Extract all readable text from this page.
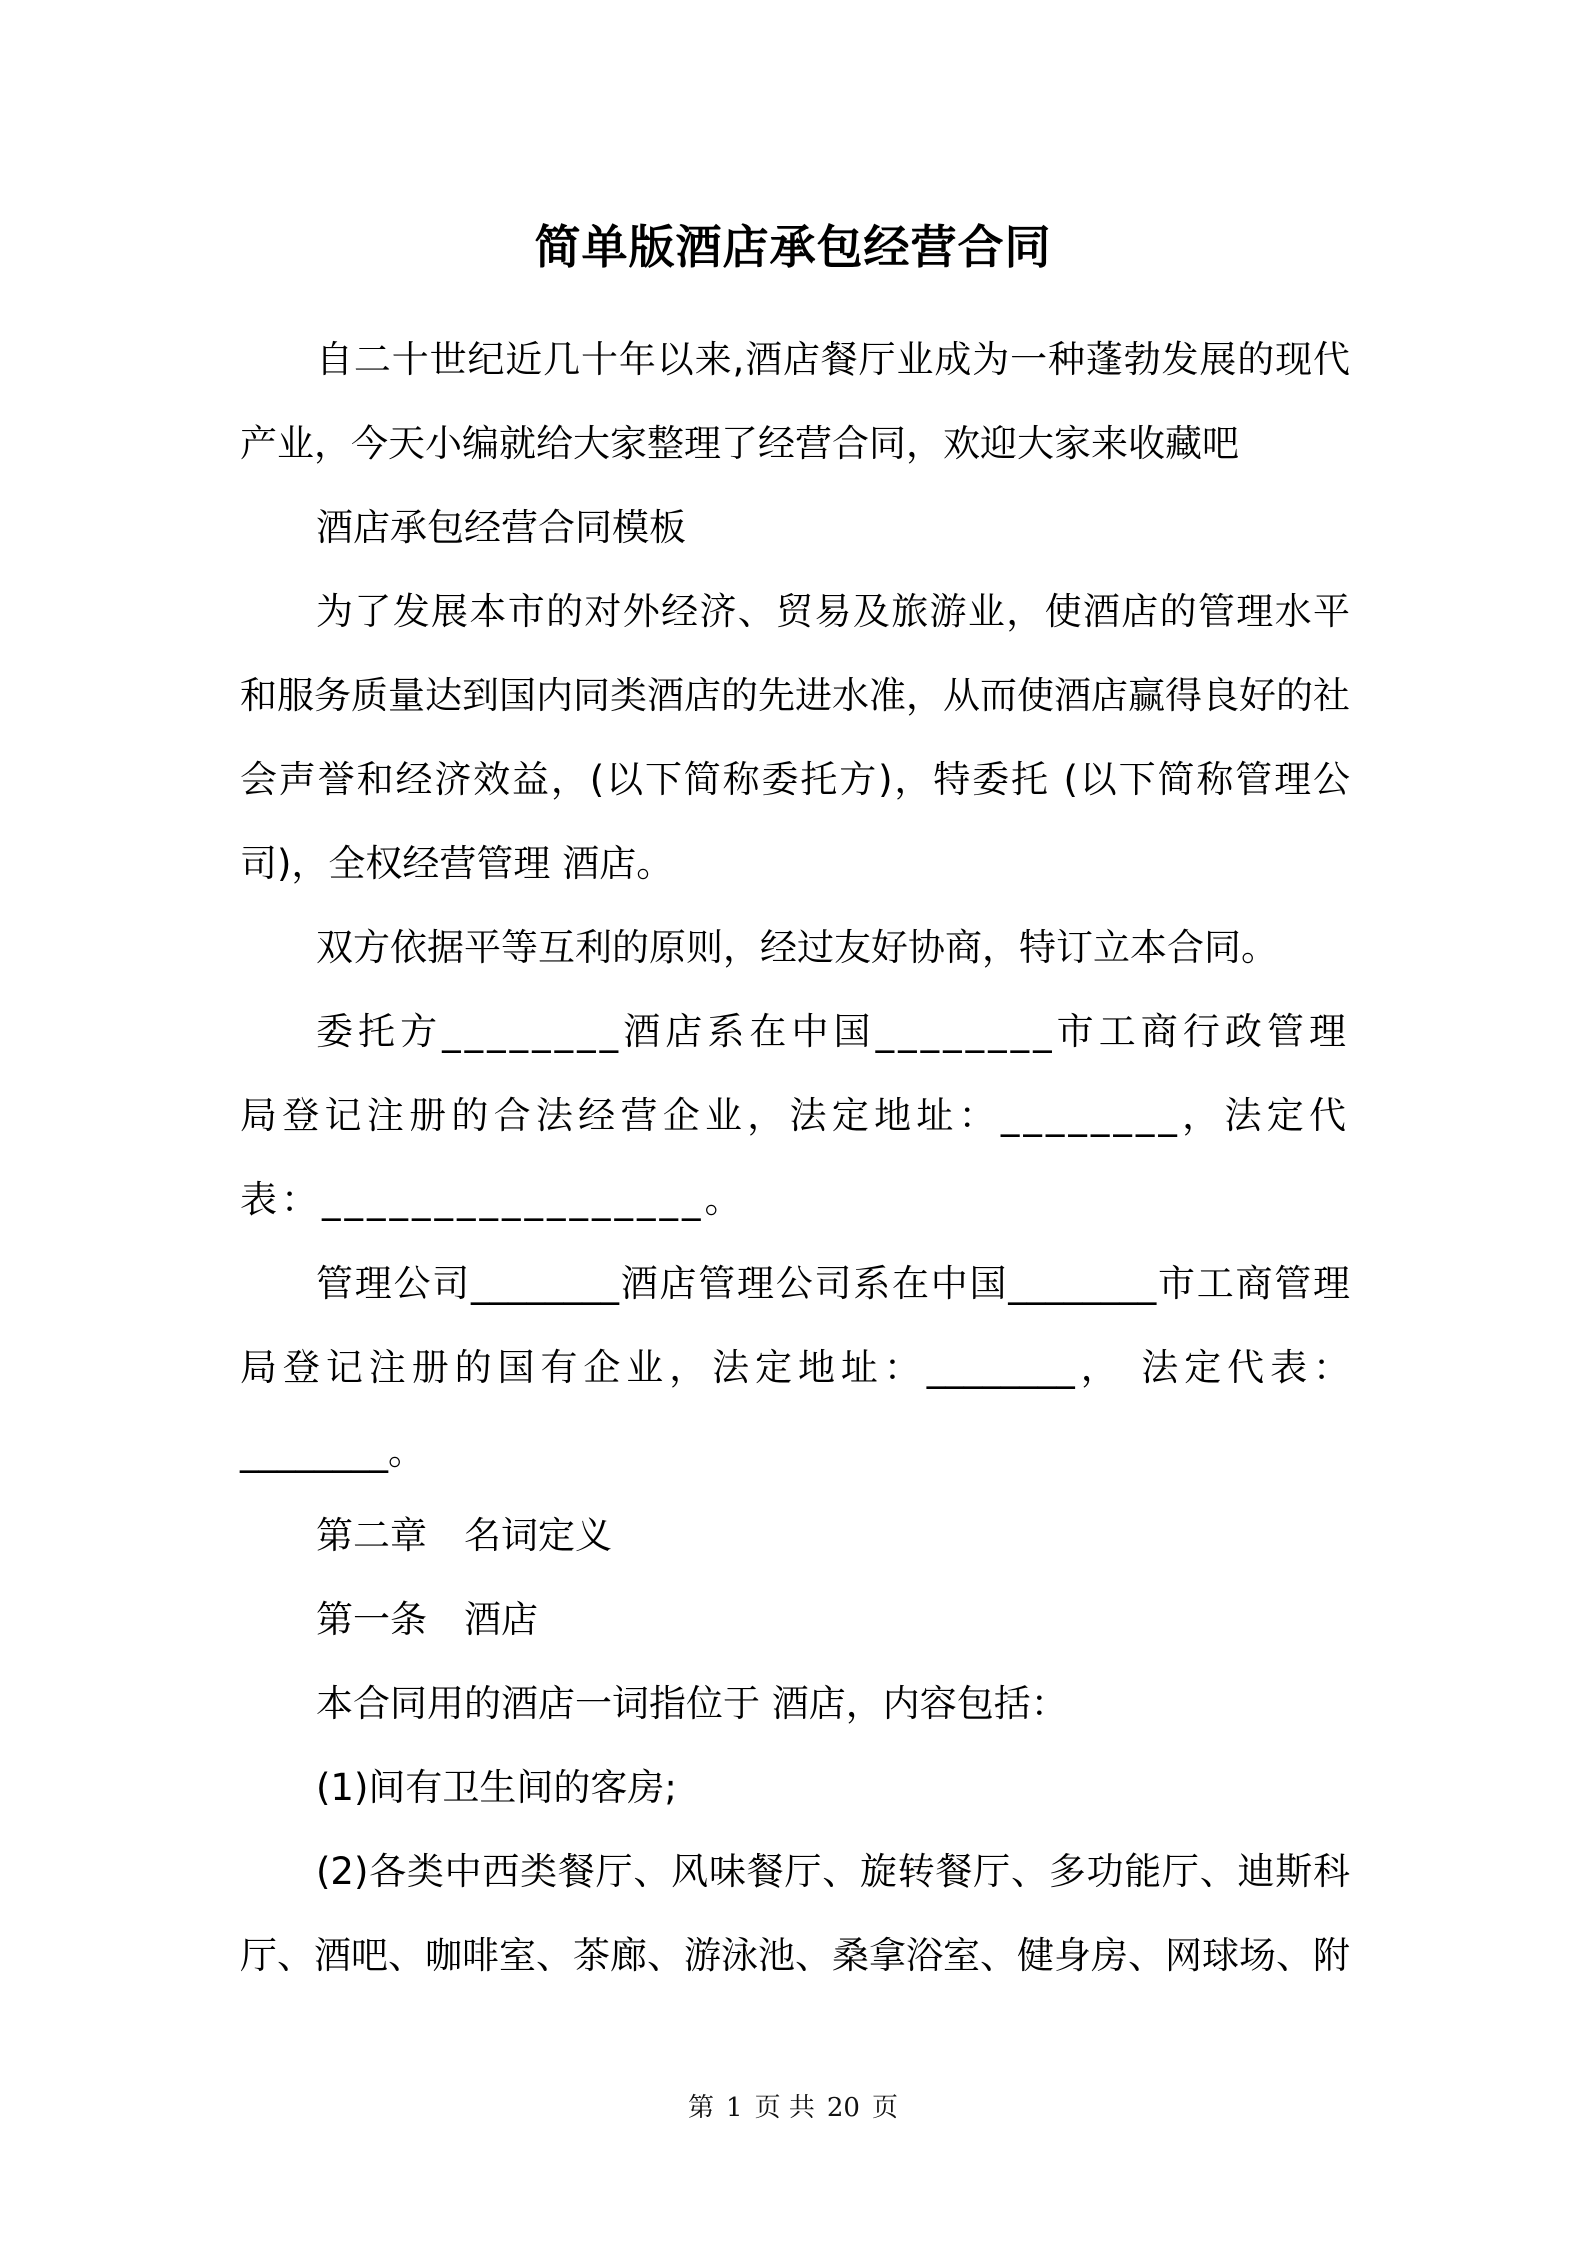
简单版酒店承包经营合同

自二十世纪近几十年以来,酒店餐厅业成为一种蓬勃发展的现代产业，今天小编就给大家整理了经营合同，欢迎大家来收藏吧

酒店承包经营合同模板

为了发展本市的对外经济、贸易及旅游业，使酒店的管理水平和服务质量达到国内同类酒店的先进水准，从而使酒店赢得良好的社会声誉和经济效益，(以下简称委托方)，特委托 (以下简称管理公司)，全权经营管理 酒店。

双方依据平等互利的原则，经过友好协商，特订立本合同。

委托方________酒店系在中国________市工商行政管理局登记注册的合法经营企业，法定地址：________，法定代表：_________________。

管理公司________酒店管理公司系在中国________市工商管理局登记注册的国有企业，法定地址：________， 法定代表：________。

第二章　名词定义

第一条　酒店

本合同用的酒店一词指位于 酒店，内容包括：

(1)间有卫生间的客房;

(2)各类中西类餐厅、风味餐厅、旋转餐厅、多功能厅、迪斯科厅、酒吧、咖啡室、茶廊、游泳池、桑拿浴室、健身房、网球场、附

第 1 页 共 20 页
